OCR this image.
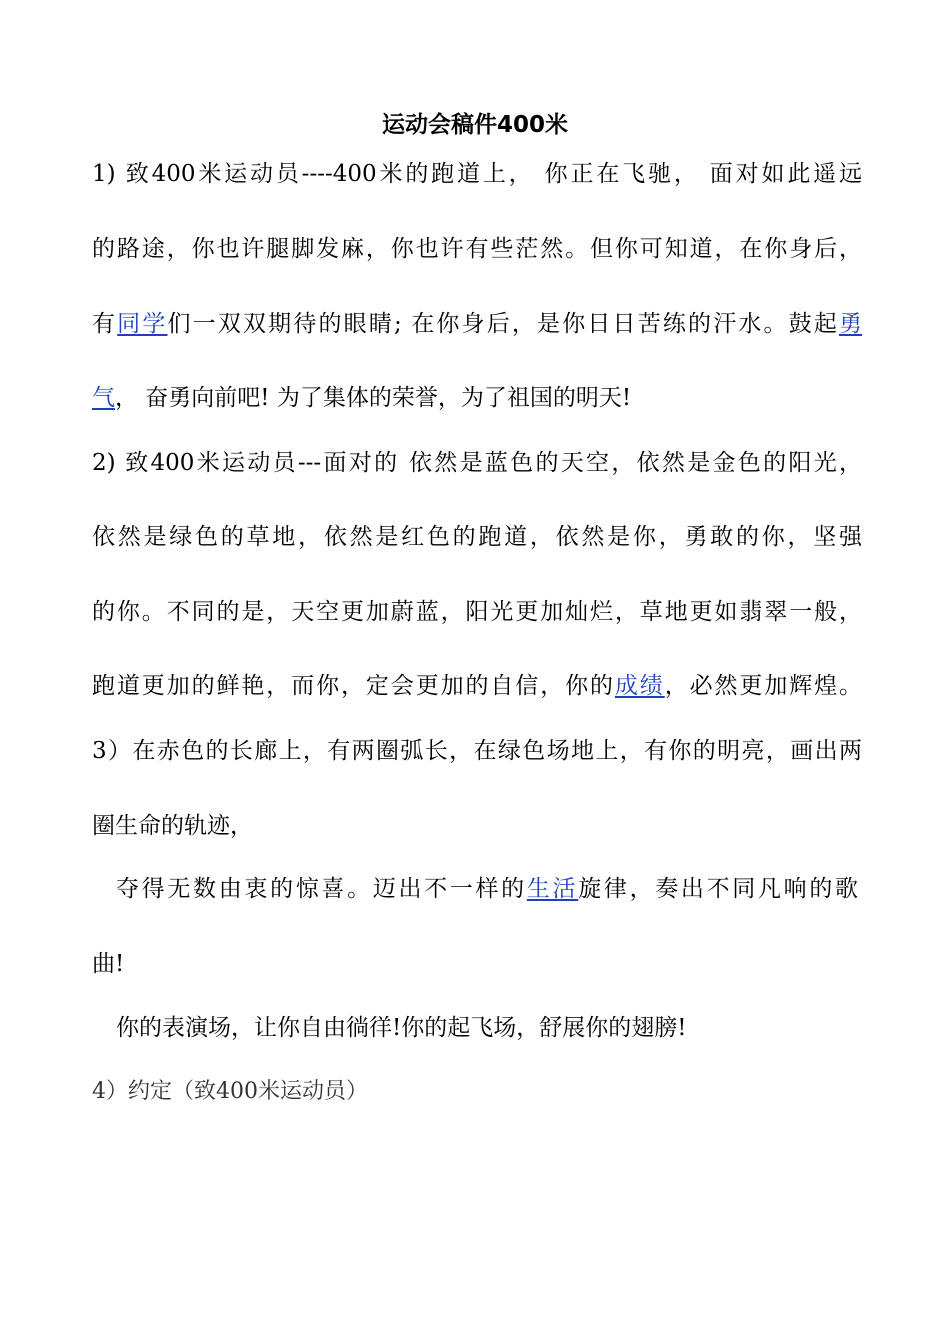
运动会稿件400米
1) 致400米运动员----400米的跑道上， 你正在飞驰， 面对如此遥远
的路途，你也许腿脚发麻，你也许有些茫然。但你可知道，在你身后，
有同学们一双双期待的眼睛; 在你身后，是你日日苦练的汗水。鼓起勇
气， 奋勇向前吧! 为了集体的荣誉，为了祖国的明天!
2) 致400米运动员---面对的 依然是蓝色的天空，依然是金色的阳光，
依然是绿色的草地，依然是红色的跑道，依然是你，勇敢的你，坚强
的你。不同的是，天空更加蔚蓝，阳光更加灿烂，草地更如翡翠一般，
跑道更加的鲜艳，而你，定会更加的自信，你的成绩，必然更加辉煌。
3）在赤色的长廊上，有两圈弧长，在绿色场地上，有你的明亮，画出两
圈生命的轨迹，
夺得无数由衷的惊喜。迈出不一样的生活旋律，奏出不同凡响的歌
曲!
你的表演场，让你自由徜徉!你的起飞场，舒展你的翅膀!
4）约定（致400米运动员）
